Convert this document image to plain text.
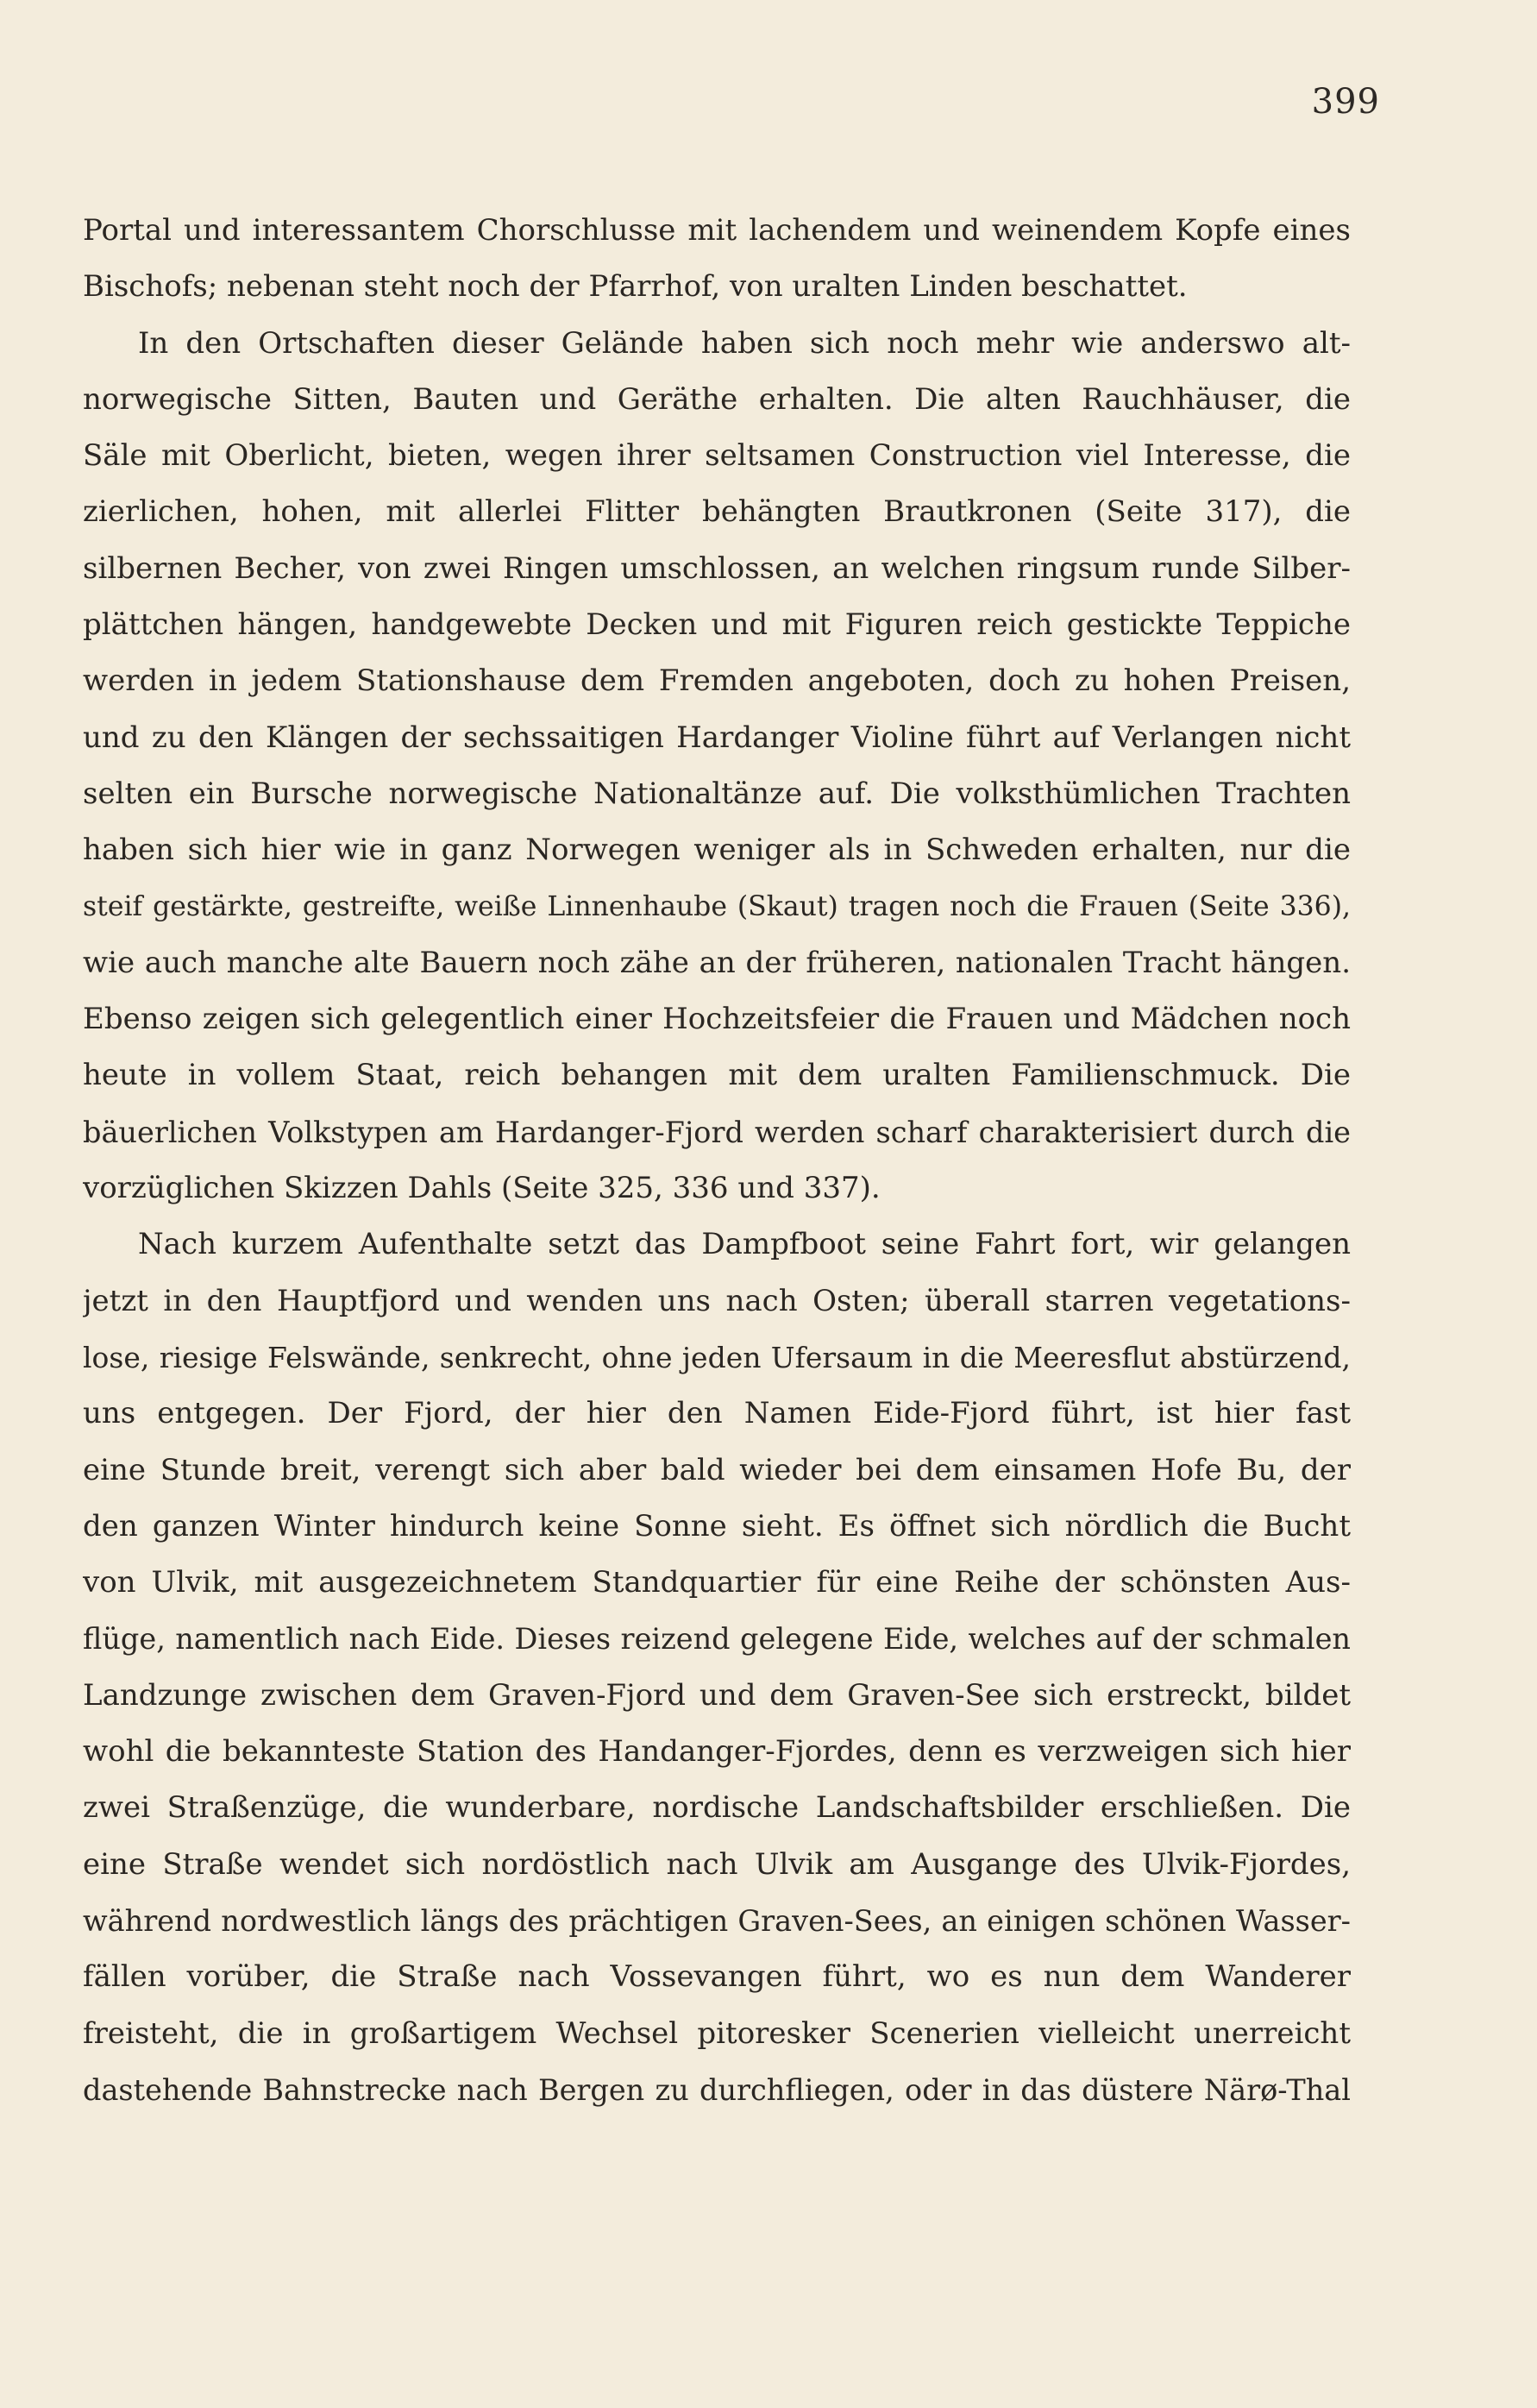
399
Portal und interessantem Chorschlusse mit lachendem und weinendem Kopfe eines
Bischofs; nebenan steht noch der Pfarrhof, von uralten Linden beschattet.
In den Ortschaften dieser Gelände haben sich noch mehr wie anderswo alt-
norwegische Sitten, Bauten und Geräthe erhalten. Die alten Rauchhäuser, die
Säle mit Oberlicht, bieten, wegen ihrer seltsamen Construction viel Interesse, die
zierlichen, hohen, mit allerlei Flitter behängten Brautkronen (Seite 317), die
silbernen Becher, von zwei Ringen umschlossen, an welchen ringsum runde Silber-
plättchen hängen, handgewebte Decken und mit Figuren reich gestickte Teppiche
werden in jedem Stationshause dem Fremden angeboten, doch zu hohen Preisen,
und zu den Klängen der sechssaitigen Hardanger Violine führt auf Verlangen nicht
selten ein Bursche norwegische Nationaltänze auf. Die volksthümlichen Trachten
haben sich hier wie in ganz Norwegen weniger als in Schweden erhalten, nur die
steif gestärkte, gestreifte, weiße Linnenhaube (Skaut) tragen noch die Frauen (Seite 336),
wie auch manche alte Bauern noch zähe an der früheren, nationalen Tracht hängen.
Ebenso zeigen sich gelegentlich einer Hochzeitsfeier die Frauen und Mädchen noch
heute in vollem Staat, reich behangen mit dem uralten Familienschmuck. Die
bäuerlichen Volkstypen am Hardanger-Fjord werden scharf charakterisiert durch die
vorzüglichen Skizzen Dahls (Seite 325, 336 und 337).
Nach kurzem Aufenthalte setzt das Dampfboot seine Fahrt fort, wir gelangen
jetzt in den Hauptfjord und wenden uns nach Osten; überall starren vegetations-
lose, riesige Felswände, senkrecht, ohne jeden Ufersaum in die Meeresflut abstürzend,
uns entgegen. Der Fjord, der hier den Namen Eide-Fjord führt, ist hier fast
eine Stunde breit, verengt sich aber bald wieder bei dem einsamen Hofe Bu, der
den ganzen Winter hindurch keine Sonne sieht. Es öffnet sich nördlich die Bucht
von Ulvik, mit ausgezeichnetem Standquartier für eine Reihe der schönsten Aus-
flüge, namentlich nach Eide. Dieses reizend gelegene Eide, welches auf der schmalen
Landzunge zwischen dem Graven-Fjord und dem Graven-See sich erstreckt, bildet
wohl die bekannteste Station des Handanger-Fjordes, denn es verzweigen sich hier
zwei Straßenzüge, die wunderbare, nordische Landschaftsbilder erschließen. Die
eine Straße wendet sich nordöstlich nach Ulvik am Ausgange des Ulvik-Fjordes,
während nordwestlich längs des prächtigen Graven-Sees, an einigen schönen Wasser-
fällen vorüber, die Straße nach Vossevangen führt, wo es nun dem Wanderer
freisteht, die in großartigem Wechsel pitoresker Scenerien vielleicht unerreicht
dastehende Bahnstrecke nach Bergen zu durchfliegen, oder in das düstere Närø-Thal
